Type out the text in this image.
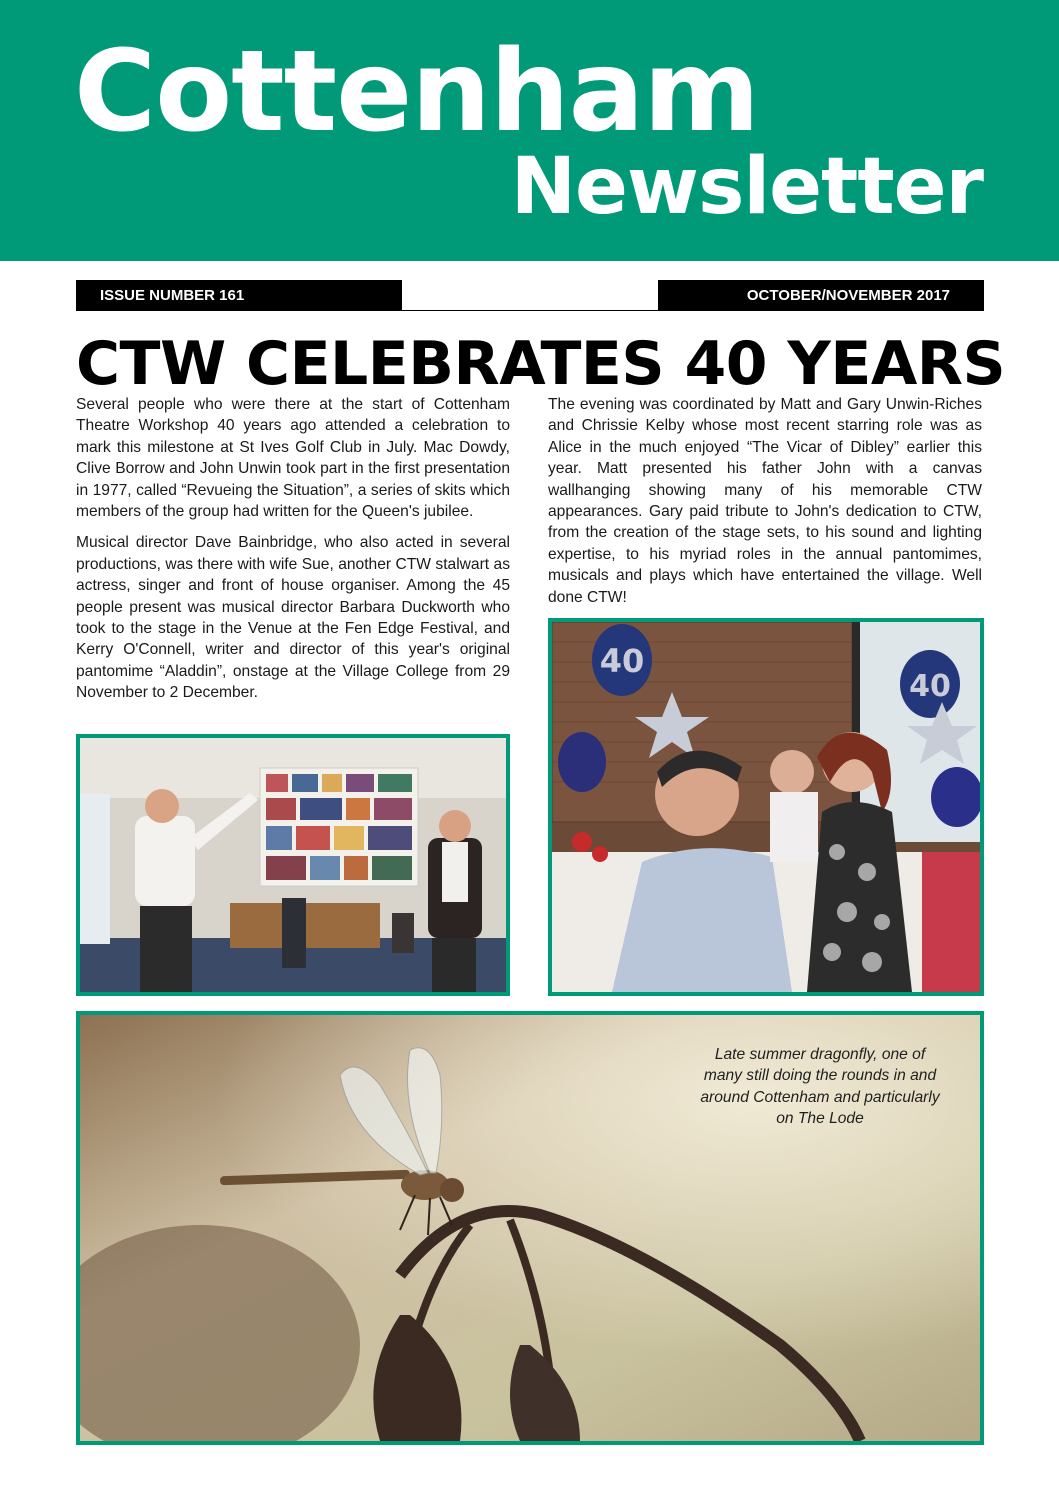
Cottenham
Newsletter
ISSUE NUMBER 161	OCTOBER/NOVEMBER 2017
CTW CELEBRATES 40 YEARS

Several people who were there at the start of Cottenham Theatre Workshop 40 years ago attended a celebration to mark this milestone at St Ives Golf Club in July. Mac Dowdy, Clive Borrow and John Unwin took part in the first presentation in 1977, called “Revueing the Situation”, a series of skits which members of the group had written for the Queen's jubilee.

Musical director Dave Bainbridge, who also acted in several productions, was there with wife Sue, another CTW stalwart as actress, singer and front of house organiser. Among the 45 people present was musical director Barbara Duckworth who took to the stage in the Venue at the Fen Edge Festival, and Kerry O'Connell, writer and director of this year's original pantomime “Aladdin”, onstage at the Village College from 29 November to 2 December.

The evening was coordinated by Matt and Gary Unwin-Riches and Chrissie Kelby whose most recent starring role was as Alice in the much enjoyed “The Vicar of Dibley” earlier this year. Matt presented his father John with a canvas wallhanging showing many of his memorable CTW appearances. Gary paid tribute to John's dedication to CTW, from the creation of the stage sets, to his sound and lighting expertise, to his myriad roles in the annual pantomimes, musicals and plays which have entertained the village. Well done CTW!

40
40
Late summer dragonfly, one of many still doing the rounds in and around Cottenham and particularly on The Lode
